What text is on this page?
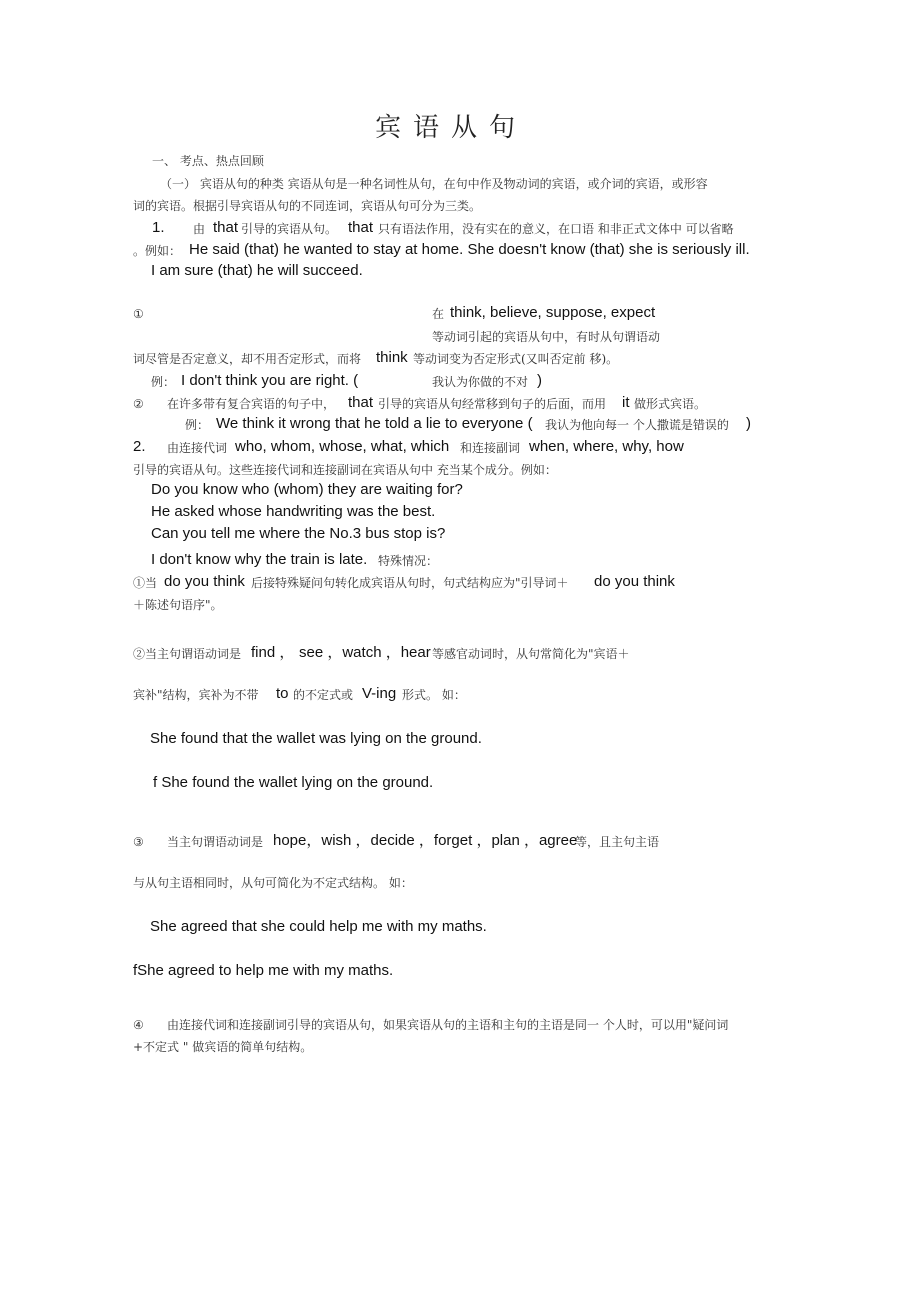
宾语从句
一、 考点、热点回顾
（一） 宾语从句的种类 宾语从句是一种名词性从句，在句中作及物动词的宾语，或介词的宾语，或形容
词的宾语。根据引导宾语从句的不同连词，宾语从句可分为三类。
1. 由 that 引导的宾语从句。 that 只有语法作用，没有实在的意义，在口语 和非正式文体中 可以省略
。例如： He said (that) he wanted to stay at home. She doesn't know (that) she is seriously ill.
I am sure (that) he will succeed.
①	在 think, believe, suppose, expect
等动词引起的宾语从句中，有时从句谓语动
词尽管是否定意义，却不用否定形式，而将 think 等动词变为否定形式(又叫否定前 移)。
例： I don't think you are right. (	我认为你做的不对 )
② 在许多带有复合宾语的句子中， that 引导的宾语从句经常移到句子的后面，而用 it 做形式宾语。
例： We think it wrong that he told a lie to everyone ( 我认为他向每一 个人撒谎是错误的 )
2. 由连接代词 who, whom, whose, what, which 和连接副词 when, where, why, how
引导的宾语从句。这些连接代词和连接副词在宾语从句中 充当某个成分。例如：
Do you know who (whom) they are waiting for?
He asked whose handwriting was the best.
Can you tell me where the No.3 bus stop is?
I don't know why the train is late. 特殊情况：
①当 do you think 后接特殊疑问句转化成宾语从句时，句式结构应为"引导词＋ do you think
＋陈述句语序"。
②当主句谓语动词是 find ， see ，watch ，hear 等感官动词时，从句常简化为"宾语＋
宾补"结构，宾补为不带 to 的不定式或 V-ing 形式。 如：
She found that the wallet was lying on the ground.
f She found the wallet lying on the ground.
③ 当主句谓语动词是 hope，wish ，decide ，forget ，plan ，agree
等，且主句主语
与从句主语相同时，从句可简化为不定式结构。 如：
She agreed that she could help me with my maths.
fShe agreed to help me with my maths.
④ 由连接代词和连接副词引导的宾语从句，如果宾语从句的主语和主句的主语是同一 个人时，可以用"疑问词
+不定式 " 做宾语的简单句结构。
